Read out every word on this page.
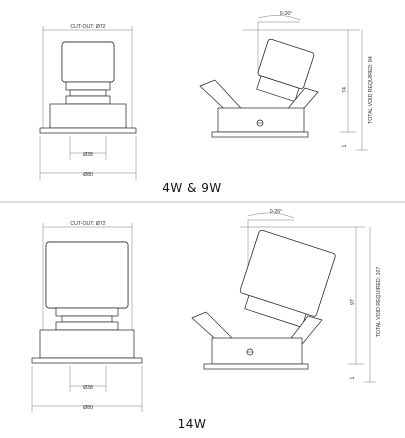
CUT-OUT: Ø72
Ø38
Ø80
0-26°
74	TOTAL VOID REQUIRED: 84
1
4W & 9W
CUT-OUT: Ø72
Ø38
Ø80
0-26°
97	TOTAL VOID REQUIRED: 107
1
14W
